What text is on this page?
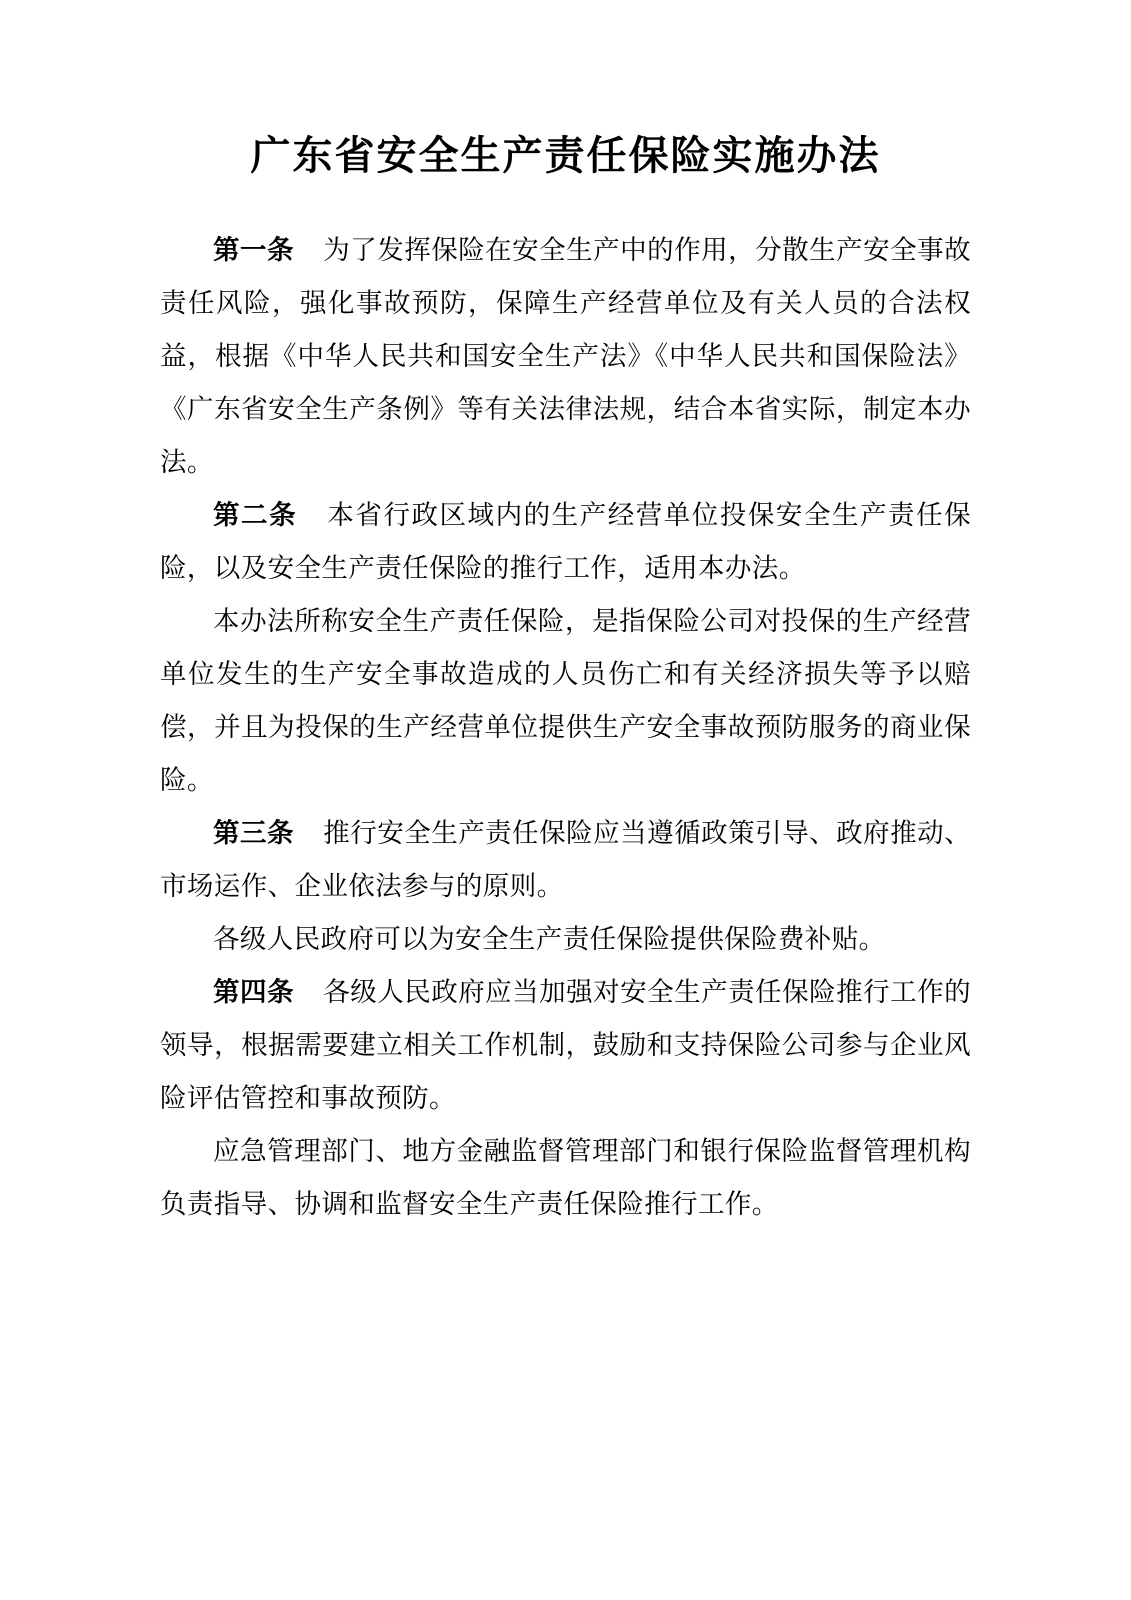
广东省安全生产责任保险实施办法

第一条 为了发挥保险在安全生产中的作用，分散生产安全事故责任风险，强化事故预防，保障生产经营单位及有关人员的合法权益，根据《中华人民共和国安全生产法》《中华人民共和国保险法》《广东省安全生产条例》等有关法律法规，结合本省实际，制定本办法。

第二条 本省行政区域内的生产经营单位投保安全生产责任保险，以及安全生产责任保险的推行工作，适用本办法。

本办法所称安全生产责任保险，是指保险公司对投保的生产经营单位发生的生产安全事故造成的人员伤亡和有关经济损失等予以赔偿，并且为投保的生产经营单位提供生产安全事故预防服务的商业保险。

第三条 推行安全生产责任保险应当遵循政策引导、政府推动、市场运作、企业依法参与的原则。

各级人民政府可以为安全生产责任保险提供保险费补贴。

第四条 各级人民政府应当加强对安全生产责任保险推行工作的领导，根据需要建立相关工作机制，鼓励和支持保险公司参与企业风险评估管控和事故预防。

应急管理部门、地方金融监督管理部门和银行保险监督管理机构负责指导、协调和监督安全生产责任保险推行工作。
